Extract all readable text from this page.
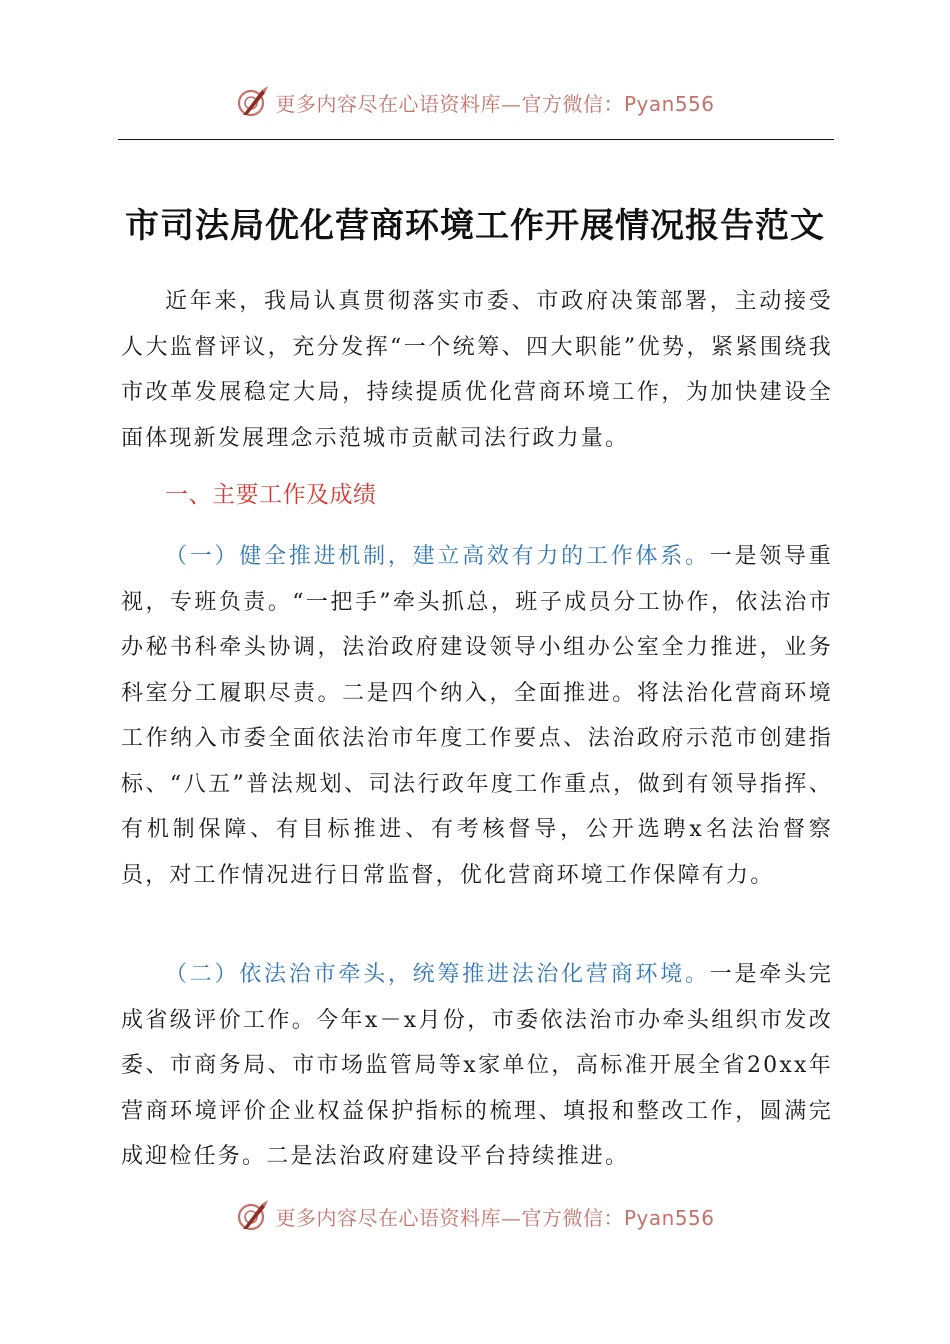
更多内容尽在心语资料库—官方微信：Pyan556
市司法局优化营商环境工作开展情况报告范文

近年来，我局认真贯彻落实市委、市政府决策部署，主动接受人大监督评议，充分发挥“一个统筹、四大职能”优势，紧紧围绕我市改革发展稳定大局，持续提质优化营商环境工作，为加快建设全面体现新发展理念示范城市贡献司法行政力量。

一、主要工作及成绩

（一）健全推进机制，建立高效有力的工作体系。一是领导重视，专班负责。“一把手”牵头抓总，班子成员分工协作，依法治市办秘书科牵头协调，法治政府建设领导小组办公室全力推进，业务科室分工履职尽责。二是四个纳入，全面推进。将法治化营商环境工作纳入市委全面依法治市年度工作要点、法治政府示范市创建指标、“八五”普法规划、司法行政年度工作重点，做到有领导指挥、有机制保障、有目标推进、有考核督导，公开选聘x名法治督察员，对工作情况进行日常监督，优化营商环境工作保障有力。

（二）依法治市牵头，统筹推进法治化营商环境。一是牵头完成省级评价工作。今年x－x月份，市委依法治市办牵头组织市发改委、市商务局、市市场监管局等x家单位，高标准开展全省20xx年营商环境评价企业权益保护指标的梳理、填报和整改工作，圆满完成迎检任务。二是法治政府建设平台持续推进。

更多内容尽在心语资料库—官方微信：Pyan556
